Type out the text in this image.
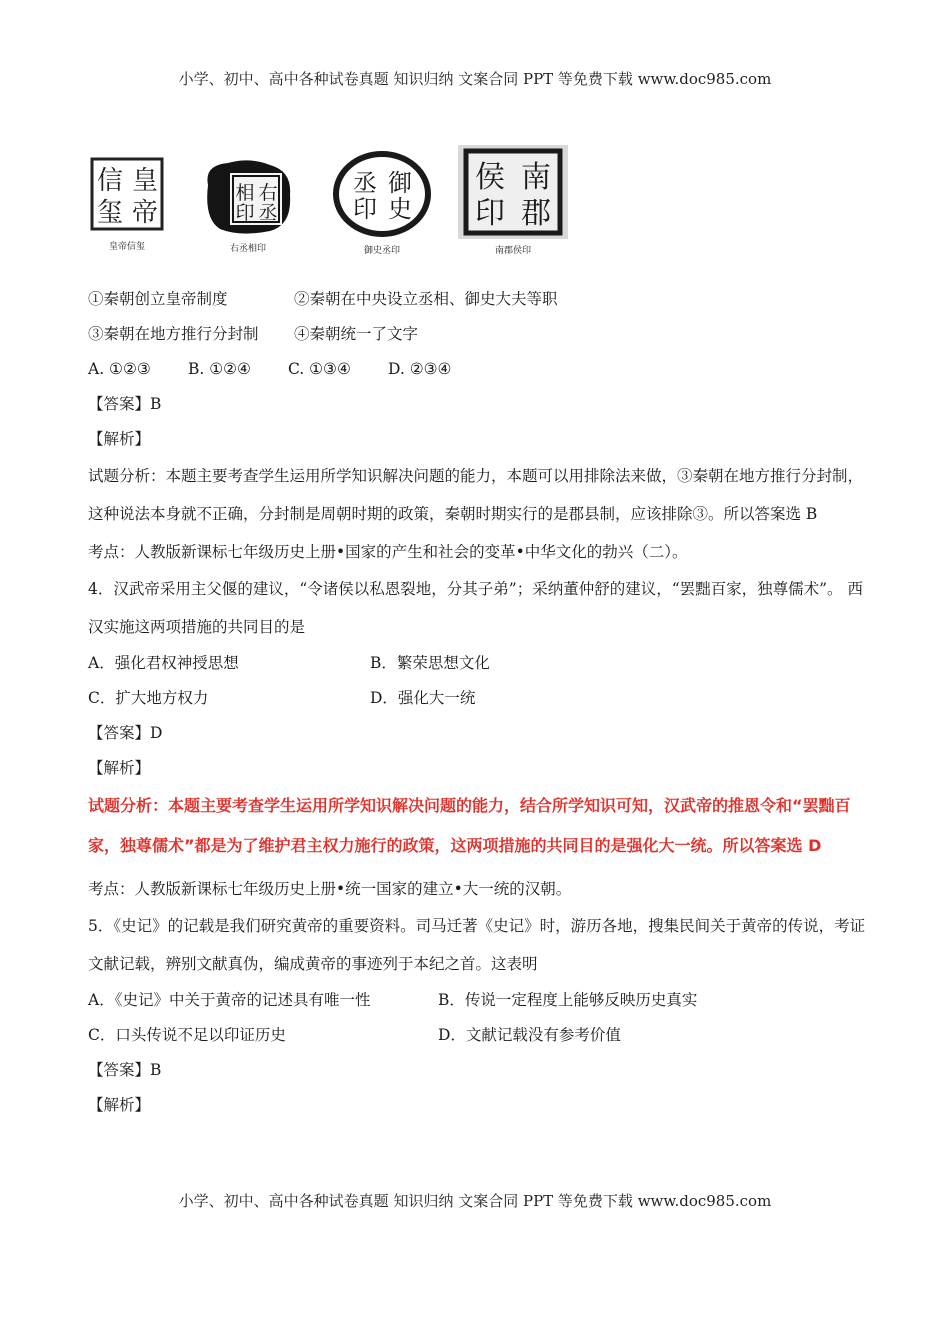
小学、初中、高中各种试卷真题 知识归纳 文案合同 PPT 等免费下载 www.doc985.com
皇
帝
信
玺
皇帝信玺
右
丞
相
印
右丞相印
御
史
丞
印
御史丞印
南
郡
侯
印
南郡侯印
①秦朝创立皇帝制度	②秦朝在中央设立丞相、御史大夫等职
③秦朝在地方推行分封制 ④秦朝统一了文字
A. ①②③ B. ①②④ C. ①③④ D. ②③④
【答案】B
【解析】
试题分析：本题主要考查学生运用所学知识解决问题的能力，本题可以用排除法来做，③秦朝在地方推行分封制，这种说法本身就不正确，分封制是周朝时期的政策，秦朝时期实行的是郡县制，应该排除③。所以答案选 B
考点：人教版新课标七年级历史上册•国家的产生和社会的变革•中华文化的勃兴（二）。
4．汉武帝采用主父偃的建议，“令诸侯以私恩裂地，分其子弟”；采纳董仲舒的建议，“罢黜百家，独尊儒术”。 西汉实施这两项措施的共同目的是
A．强化君权神授思想	B．繁荣思想文化
C．扩大地方权力	D．强化大一统
【答案】D
【解析】
试题分析：本题主要考查学生运用所学知识解决问题的能力，结合所学知识可知，汉武帝的推恩令和“罢黜百家，独尊儒术”都是为了维护君主权力施行的政策，这两项措施的共同目的是强化大一统。所以答案选 D
考点：人教版新课标七年级历史上册•统一国家的建立•大一统的汉朝。
5．《史记》的记载是我们研究黄帝的重要资料。司马迁著《史记》时，游历各地，搜集民间关于黄帝的传说，考证文献记载，辨别文献真伪，编成黄帝的事迹列于本纪之首。这表明
A．《史记》中关于黄帝的记述具有唯一性	B．传说一定程度上能够反映历史真实
C．口头传说不足以印证历史	D．文献记载没有参考价值
【答案】B
【解析】
小学、初中、高中各种试卷真题 知识归纳 文案合同 PPT 等免费下载 www.doc985.com
